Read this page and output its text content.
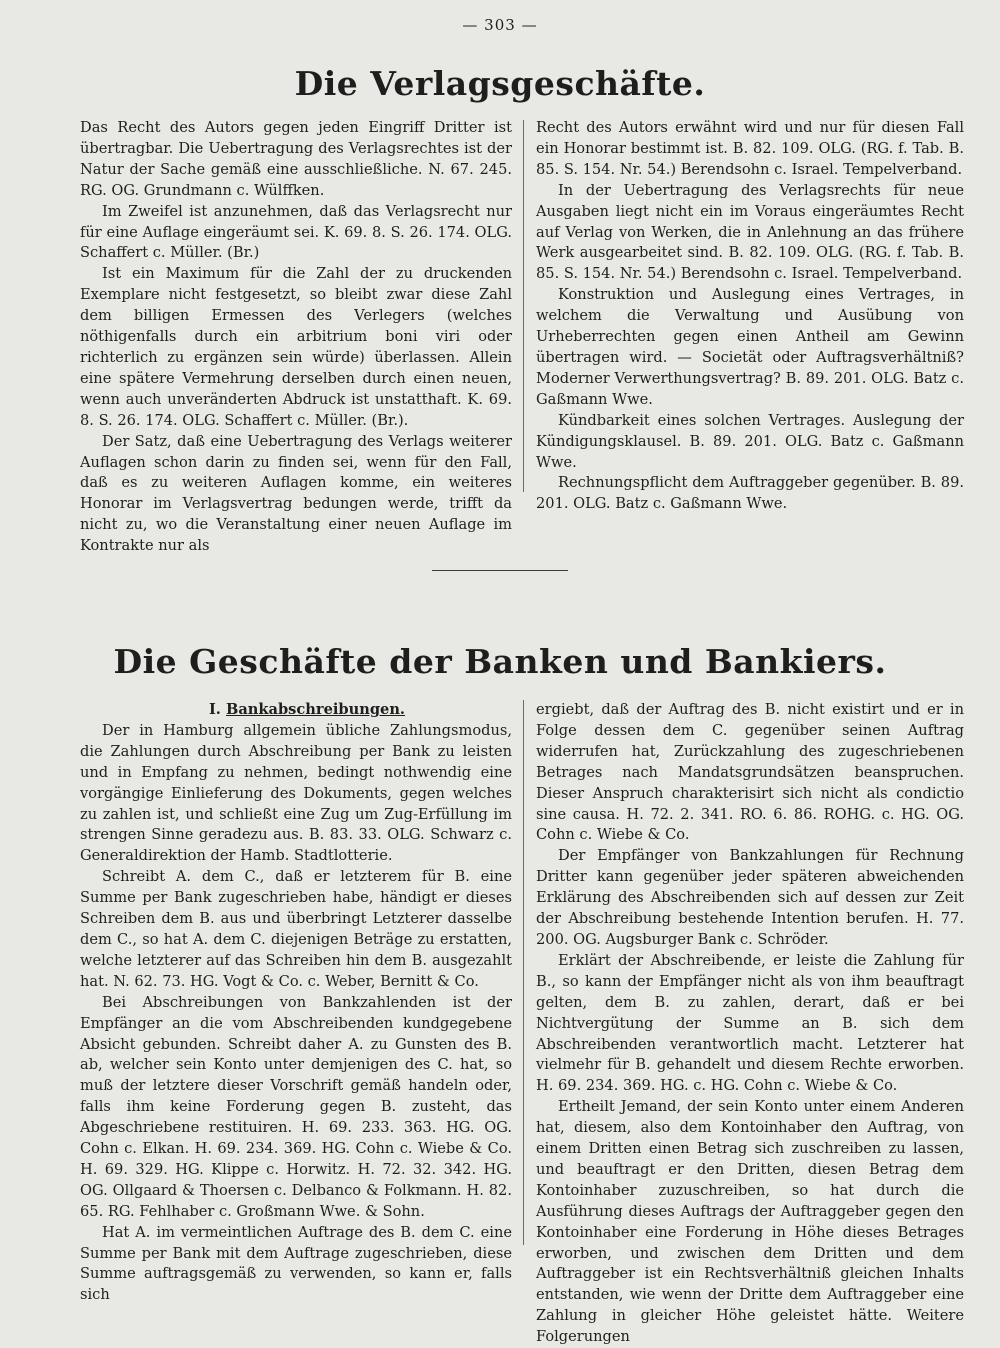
— 303 —
Die Verlagsgeschäfte.

Das Recht des Autors gegen jeden Eingriff Dritter ist übertragbar. Die Uebertragung des Verlagsrechtes ist der Natur der Sache gemäß eine ausschließliche. N. 67. 245. RG. OG. Grundmann c. Wülffken.

Im Zweifel ist anzunehmen, daß das Verlagsrecht nur für eine Auflage eingeräumt sei. K. 69. 8. S. 26. 174. OLG. Schaffert c. Müller. (Br.)

Ist ein Maximum für die Zahl der zu druckenden Exemplare nicht festgesetzt, so bleibt zwar diese Zahl dem billigen Ermessen des Verlegers (welches nöthigenfalls durch ein arbitrium boni viri oder richterlich zu ergänzen sein würde) überlassen. Allein eine spätere Vermehrung derselben durch einen neuen, wenn auch unveränderten Abdruck ist unstatthaft. K. 69. 8. S. 26. 174. OLG. Schaffert c. Müller. (Br.).

Der Satz, daß eine Uebertragung des Verlags weiterer Auflagen schon darin zu finden sei, wenn für den Fall, daß es zu weiteren Auflagen komme, ein weiteres Honorar im Verlagsvertrag bedungen werde, trifft da nicht zu, wo die Veranstaltung einer neuen Auflage im Kontrakte nur als

Recht des Autors erwähnt wird und nur für diesen Fall ein Honorar bestimmt ist. B. 82. 109. OLG. (RG. f. Tab. B. 85. S. 154. Nr. 54.) Berendsohn c. Israel. Tempelverband.

In der Uebertragung des Verlagsrechts für neue Ausgaben liegt nicht ein im Voraus eingeräumtes Recht auf Verlag von Werken, die in Anlehnung an das frühere Werk ausgearbeitet sind. B. 82. 109. OLG. (RG. f. Tab. B. 85. S. 154. Nr. 54.) Berendsohn c. Israel. Tempelverband.

Konstruktion und Auslegung eines Vertrages, in welchem die Verwaltung und Ausübung von Urheberrechten gegen einen Antheil am Gewinn übertragen wird. — Societät oder Auftragsverhältniß? Moderner Verwerthungsvertrag? B. 89. 201. OLG. Batz c. Gaßmann Wwe.

Kündbarkeit eines solchen Vertrages. Auslegung der Kündigungsklausel. B. 89. 201. OLG. Batz c. Gaßmann Wwe.

Rechnungspflicht dem Auftraggeber gegenüber. B. 89. 201. OLG. Batz c. Gaßmann Wwe.

Die Geschäfte der Banken und Bankiers.

I. Bankabschreibungen.

Der in Hamburg allgemein übliche Zahlungsmodus, die Zahlungen durch Abschreibung per Bank zu leisten und in Empfang zu nehmen, bedingt nothwendig eine vorgängige Einlieferung des Dokuments, gegen welches zu zahlen ist, und schließt eine Zug um Zug-Erfüllung im strengen Sinne geradezu aus. B. 83. 33. OLG. Schwarz c. Generaldirektion der Hamb. Stadtlotterie.

Schreibt A. dem C., daß er letzterem für B. eine Summe per Bank zugeschrieben habe, händigt er dieses Schreiben dem B. aus und überbringt Letzterer dasselbe dem C., so hat A. dem C. diejenigen Beträge zu erstatten, welche letzterer auf das Schreiben hin dem B. ausgezahlt hat. N. 62. 73. HG. Vogt & Co. c. Weber, Bernitt & Co.

Bei Abschreibungen von Bankzahlenden ist der Empfänger an die vom Abschreibenden kundgegebene Absicht gebunden. Schreibt daher A. zu Gunsten des B. ab, welcher sein Konto unter demjenigen des C. hat, so muß der letztere dieser Vorschrift gemäß handeln oder, falls ihm keine Forderung gegen B. zusteht, das Abgeschriebene restituiren. H. 69. 233. 363. HG. OG. Cohn c. Elkan. H. 69. 234. 369. HG. Cohn c. Wiebe & Co. H. 69. 329. HG. Klippe c. Horwitz. H. 72. 32. 342. HG. OG. Ollgaard & Thoersen c. Delbanco & Folkmann. H. 82. 65. RG. Fehlhaber c. Großmann Wwe. & Sohn.

Hat A. im vermeintlichen Auftrage des B. dem C. eine Summe per Bank mit dem Auftrage zugeschrieben, diese Summe auftragsgemäß zu verwenden, so kann er, falls sich

ergiebt, daß der Auftrag des B. nicht existirt und er in Folge dessen dem C. gegenüber seinen Auftrag widerrufen hat, Zurückzahlung des zugeschriebenen Betrages nach Mandatsgrundsätzen beanspruchen. Dieser Anspruch charakterisirt sich nicht als condictio sine causa. H. 72. 2. 341. RO. 6. 86. ROHG. c. HG. OG. Cohn c. Wiebe & Co.

Der Empfänger von Bankzahlungen für Rechnung Dritter kann gegenüber jeder späteren abweichenden Erklärung des Abschreibenden sich auf dessen zur Zeit der Abschreibung bestehende Intention berufen. H. 77. 200. OG. Augsburger Bank c. Schröder.

Erklärt der Abschreibende, er leiste die Zahlung für B., so kann der Empfänger nicht als von ihm beauftragt gelten, dem B. zu zahlen, derart, daß er bei Nichtvergütung der Summe an B. sich dem Abschreibenden verantwortlich macht. Letzterer hat vielmehr für B. gehandelt und diesem Rechte erworben. H. 69. 234. 369. HG. c. HG. Cohn c. Wiebe & Co.

Ertheilt Jemand, der sein Konto unter einem Anderen hat, diesem, also dem Kontoinhaber den Auftrag, von einem Dritten einen Betrag sich zuschreiben zu lassen, und beauftragt er den Dritten, diesen Betrag dem Kontoinhaber zuzuschreiben, so hat durch die Ausführung dieses Auftrags der Auftraggeber gegen den Kontoinhaber eine Forderung in Höhe dieses Betrages erworben, und zwischen dem Dritten und dem Auftraggeber ist ein Rechtsverhältniß gleichen Inhalts entstanden, wie wenn der Dritte dem Auftraggeber eine Zahlung in gleicher Höhe geleistet hätte. Weitere Folgerungen
